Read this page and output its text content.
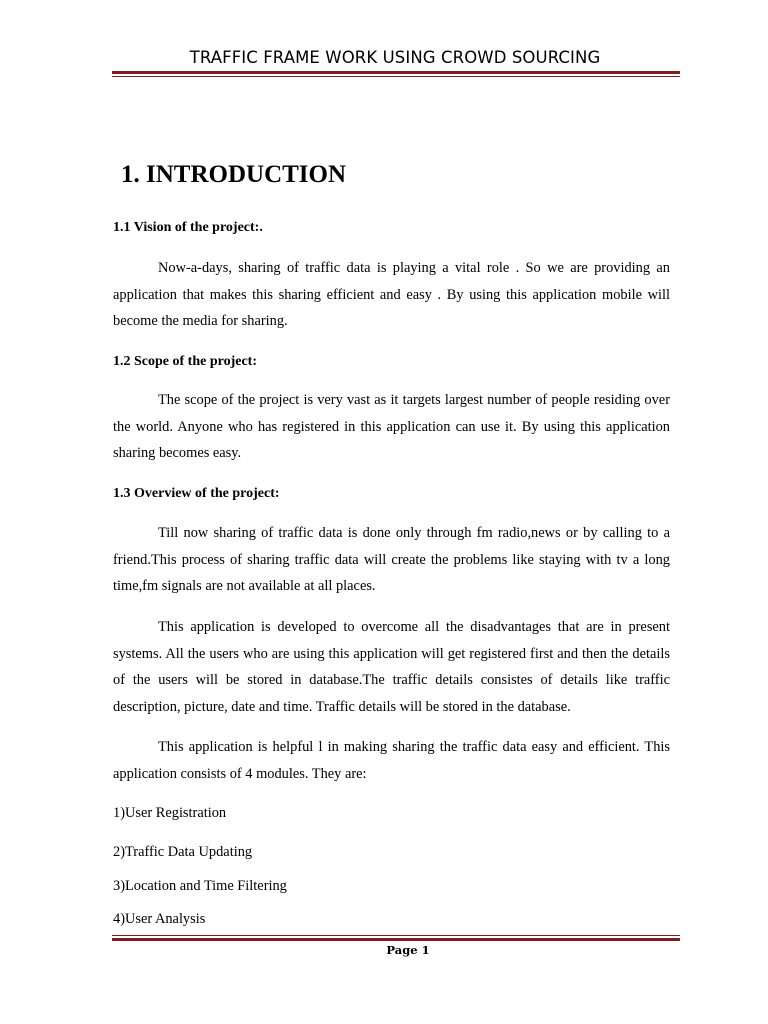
TRAFFIC FRAME WORK USING CROWD SOURCING
1. INTRODUCTION
1.1 Vision of the project:.

Now-a-days, sharing of traffic data is playing a vital role . So we are providing an application that makes this sharing efficient and easy . By using this application mobile will become the media for sharing.

1.2 Scope of the project:

The scope of the project is very vast as it targets largest number of people residing over the world. Anyone who has registered in this application can use it. By using this application sharing becomes easy.

1.3 Overview of the project:

Till now sharing of traffic data is done only through fm radio,news or by calling to a friend.This process of sharing traffic data will create the problems like staying with tv a long time,fm signals are not available at all places.

This application is developed to overcome all the disadvantages that are in present systems. All the users who are using this application will get registered first and then the details of the users will be stored in database.The traffic details consistes of details like traffic description, picture, date and time. Traffic details will be stored in the database.

This application is helpful l in making sharing the traffic data easy and efficient. This application consists of 4 modules. They are:

1)User Registration
2)Traffic Data Updating
3)Location and Time Filtering
4)User Analysis
Page 1
